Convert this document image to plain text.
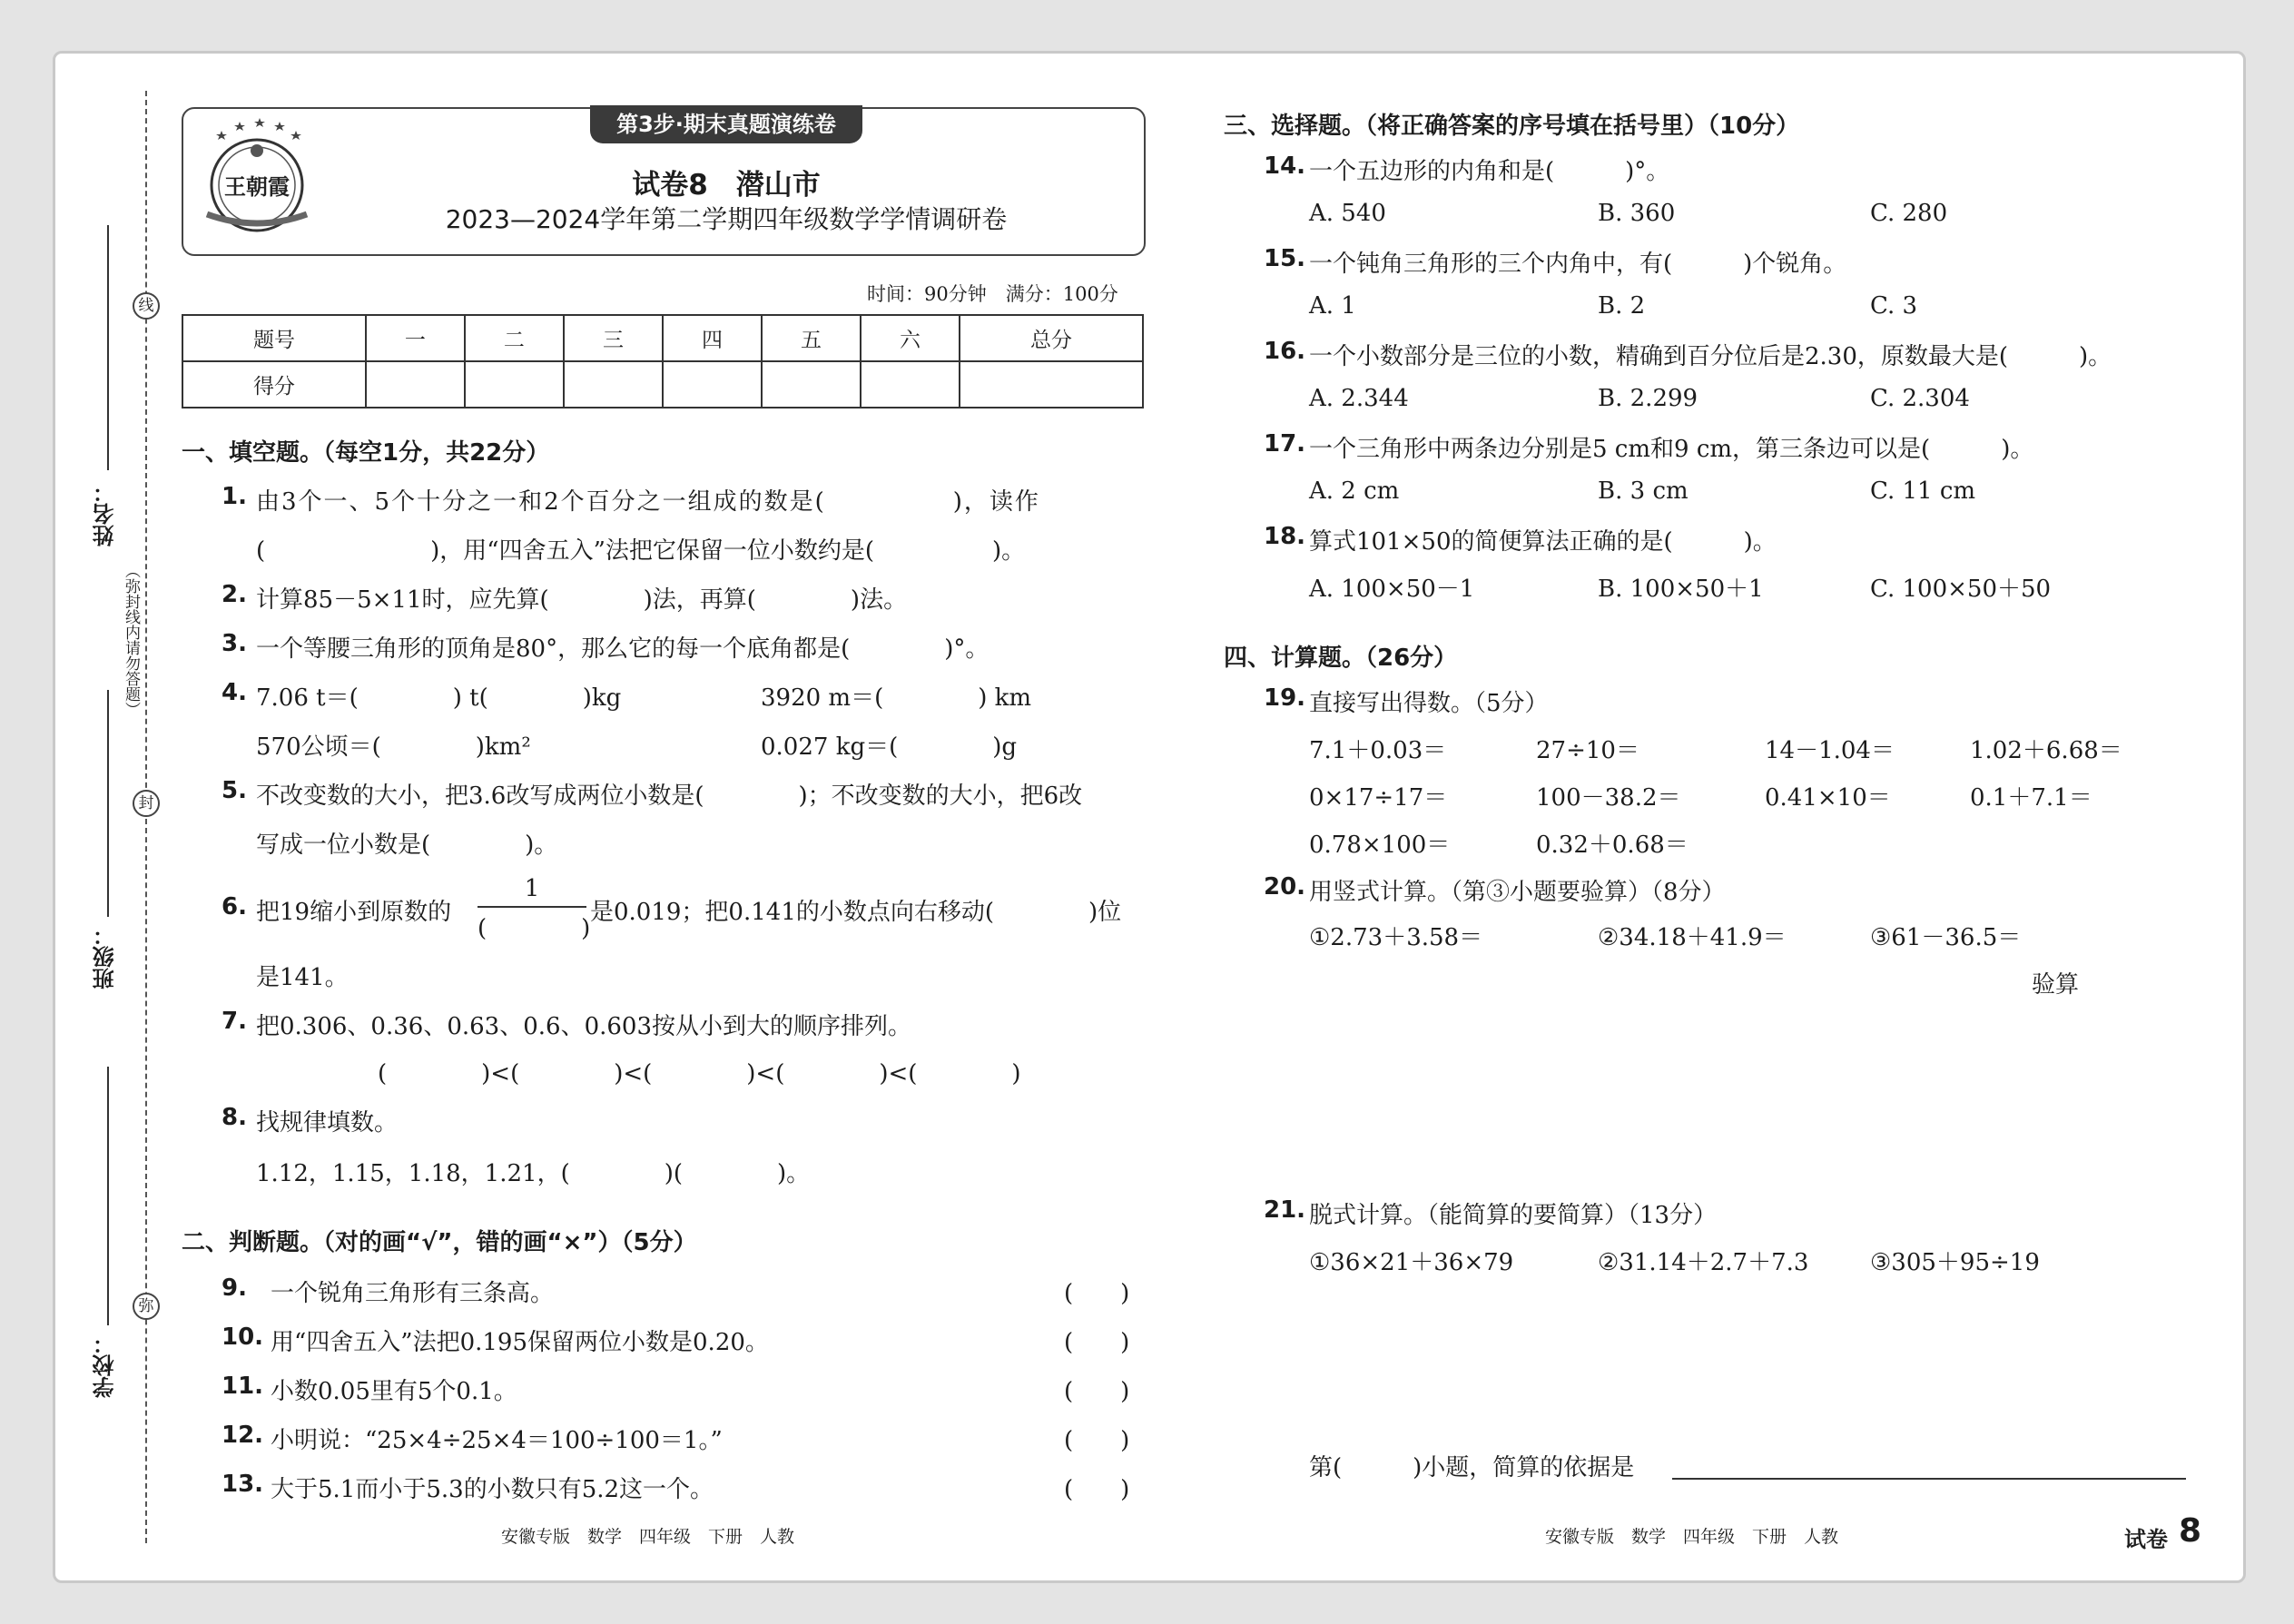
线
封
弥
（弥封线内请勿答题）
姓名：
班级：
学校：
第3步·期末真题演练卷
王朝霞	试卷8　潜山市
2023—2024学年第二学期四年级数学学情调研卷
时间：90分钟　满分：100分
题号	一	二	三	四	五	六	总分
得分							
一、填空题。（每空1分，共22分）
1. 由3个一、5个十分之一和2个百分之一组成的数是(　　　　　)，读作
(　　　　　　　)，用“四舍五入”法把它保留一位小数约是(　　　　　)。
2. 计算85－5×11时，应先算(　　　　)法，再算(　　　　)法。
3. 一个等腰三角形的顶角是80°，那么它的每一个底角都是(　　　　)°。
4. 7.06 t＝(　　　　) t(　　　　)kg	3920 m＝(　　　　) km
570公顷＝(　　　　)km²	0.027 kg＝(　　　　)g
5. 不改变数的大小，把3.6改写成两位小数是(　　　　)；不改变数的大小，把6改
写成一位小数是(　　　　)。
6. 把19缩小到原数的
1
(　　　　)
是0.019；把0.141的小数点向右移动(　　　　)位
是141。
7. 把0.306、0.36、0.63、0.6、0.603按从小到大的顺序排列。
(　　　　)<(　　　　)<(　　　　)<(　　　　)<(　　　　)
8. 找规律填数。
1.12，1.15，1.18，1.21，(　　　　)(　　　　)。
二、判断题。（对的画“√”，错的画“×”）（5分）
9. 一个锐角三角形有三条高。	(　　)
10. 用“四舍五入”法把0.195保留两位小数是0.20。	(　　)
11. 小数0.05里有5个0.1。	(　　)
12. 小明说：“25×4÷25×4＝100÷100＝1。”	(　　)
13. 大于5.1而小于5.3的小数只有5.2这一个。	(　　)
安徽专版　数学　四年级　下册　人教
三、选择题。（将正确答案的序号填在括号里）（10分）
14. 一个五边形的内角和是(　　　)°。
A. 540	B. 360	C. 280
15. 一个钝角三角形的三个内角中，有(　　　)个锐角。
A. 1	B. 2	C. 3
16. 一个小数部分是三位的小数，精确到百分位后是2.30，原数最大是(　　　)。
A. 2.344	B. 2.299	C. 2.304
17. 一个三角形中两条边分别是5 cm和9 cm，第三条边可以是(　　　)。
A. 2 cm	B. 3 cm	C. 11 cm
18. 算式101×50的简便算法正确的是(　　　)。
A. 100×50－1	B. 100×50＋1	C. 100×50＋50
四、计算题。（26分）
19. 直接写出得数。（5分）
7.1＋0.03＝	27÷10＝	14－1.04＝	1.02＋6.68＝
0×17÷17＝	100－38.2＝	0.41×10＝	0.1＋7.1＝
0.78×100＝	0.32＋0.68＝
20. 用竖式计算。（第③小题要验算）（8分）
①2.73＋3.58＝	②34.18＋41.9＝	③61－36.5＝
验算
21. 脱式计算。（能简算的要简算）（13分）
①36×21＋36×79	②31.14＋2.7＋7.3	③305＋95÷19
第(　　　)小题，简算的依据是
安徽专版　数学　四年级　下册　人教	试卷 8
